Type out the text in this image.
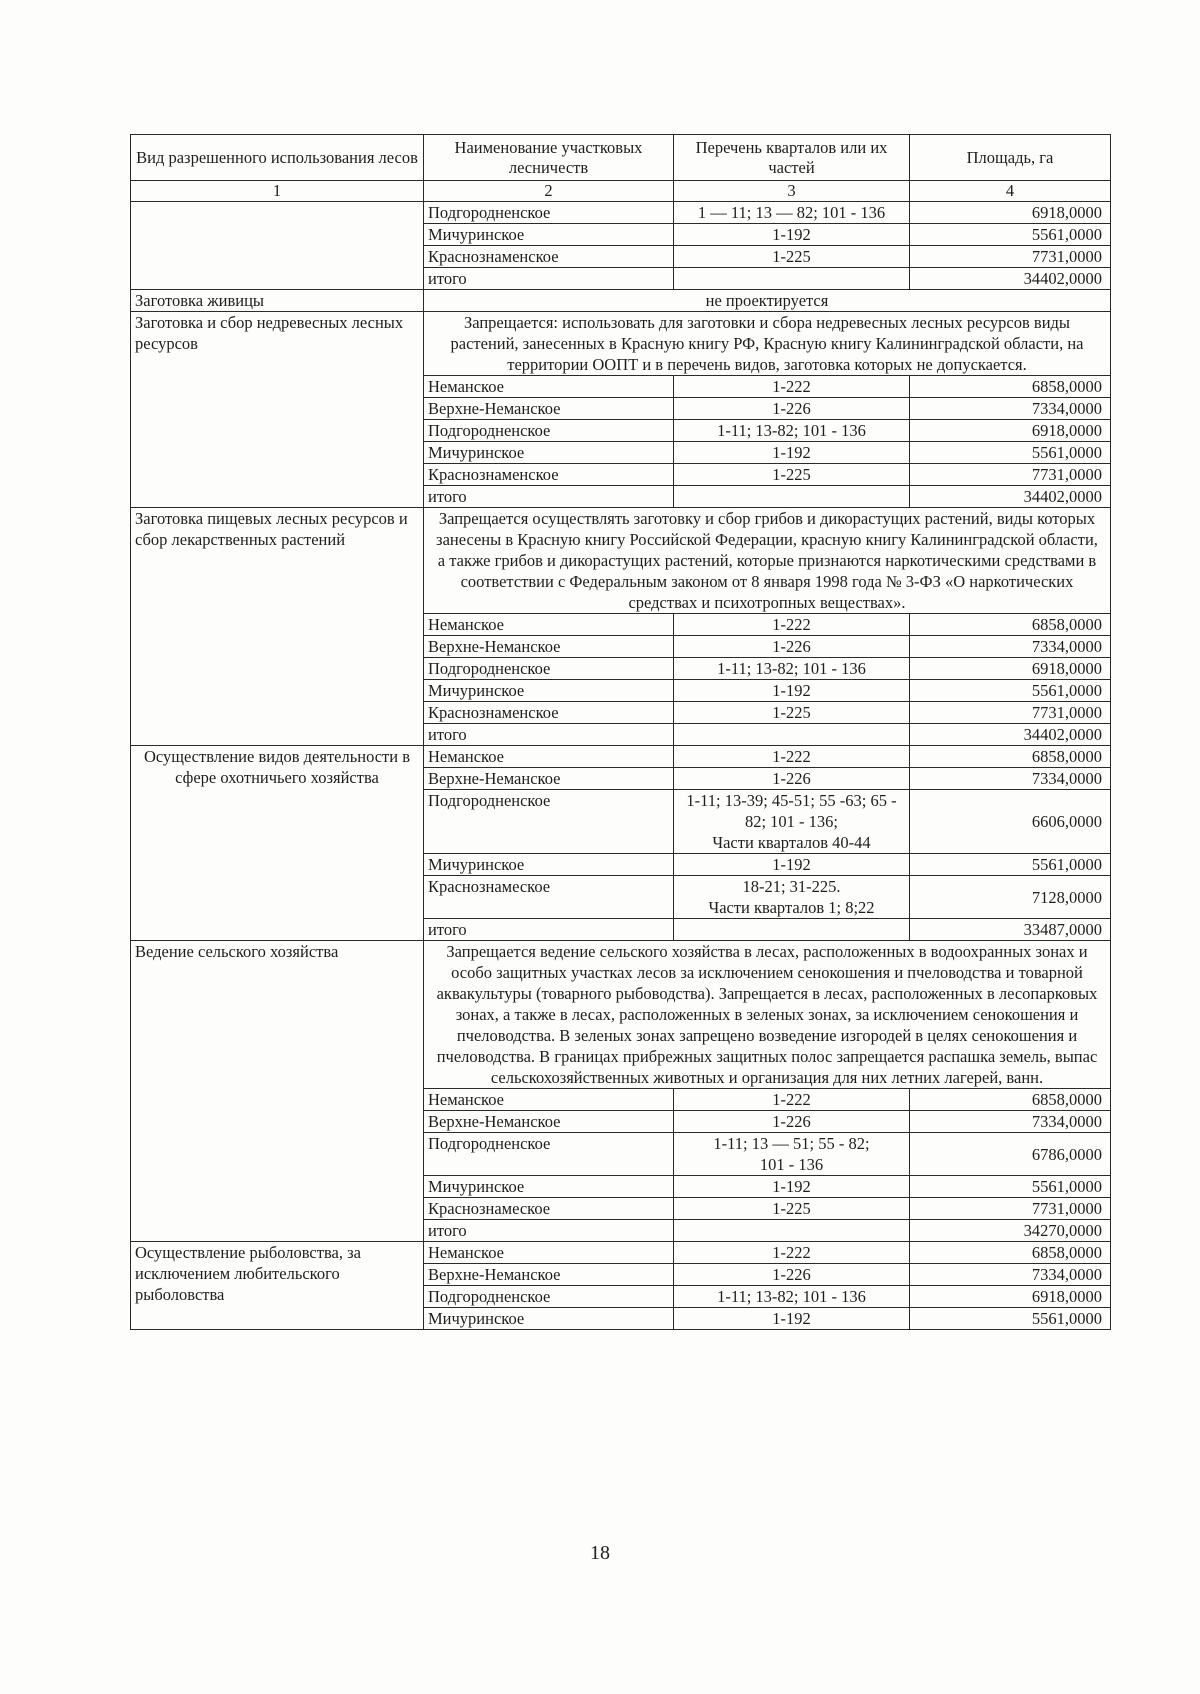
Вид разрешенного использования лесов	Наименование участковых лесничеств	Перечень кварталов или их частей	Площадь, га
1	2	3	4
	Подгородненское	1 — 11; 13 — 82; 101 - 136	6918,0000
	Мичуринское	1-192	5561,0000
	Краснознаменское	1-225	7731,0000
	итого		34402,0000
Заготовка живицы	не проектируется		
Заготовка и сбор недревесных лесных ресурсов	Запрещается: использовать для заготовки и сбора недревесных лесных ресурсов виды растений, занесенных в Красную книгу РФ, Красную книгу Калининградской области, на территории ООПТ и в перечень видов, заготовка которых не допускается.		
	Неманское	1-222	6858,0000
	Верхне-Неманское	1-226	7334,0000
	Подгородненское	1-11; 13-82; 101 - 136	6918,0000
	Мичуринское	1-192	5561,0000
	Краснознаменское	1-225	7731,0000
	итого		34402,0000
Заготовка пищевых лесных ресурсов и сбор лекарственных растений	Запрещается осуществлять заготовку и сбор грибов и дикорастущих растений, виды которых занесены в Красную книгу Российской Федерации, красную книгу Калининградской области, а также грибов и дикорастущих растений, которые признаются наркотическими средствами в соответствии с Федеральным законом от 8 января 1998 года № 3-ФЗ «О наркотических средствах и психотропных веществах».		
	Неманское	1-222	6858,0000
	Верхне-Неманское	1-226	7334,0000
	Подгородненское	1-11; 13-82; 101 - 136	6918,0000
	Мичуринское	1-192	5561,0000
	Краснознаменское	1-225	7731,0000
	итого		34402,0000
Осуществление видов деятельности в сфере охотничьего хозяйства	Неманское	1-222	6858,0000
	Верхне-Неманское	1-226	7334,0000
	Подгородненское	1-11; 13-39; 45-51; 55 -63; 65 - 82; 101 - 136;
Части кварталов 40-44	6606,0000
	Мичуринское	1-192	5561,0000
	Краснознамеское	18-21; 31-225.
Части кварталов 1; 8;22	7128,0000
	итого		33487,0000
Ведение сельского хозяйства	Запрещается ведение сельского хозяйства в лесах, расположенных в водоохранных зонах и особо защитных участках лесов за исключением сенокошения и пчеловодства и товарной аквакультуры (товарного рыбоводства). Запрещается в лесах, расположенных в лесопарковых зонах, а также в лесах, расположенных в зеленых зонах, за исключением сенокошения и пчеловодства. В зеленых зонах запрещено возведение изгородей в целях сенокошения и пчеловодства. В границах прибрежных защитных полос запрещается распашка земель, выпас сельскохозяйственных животных и организация для них летних лагерей, ванн.		
	Неманское	1-222	6858,0000
	Верхне-Неманское	1-226	7334,0000
	Подгородненское	1-11; 13 — 51; 55 - 82;
101 - 136	6786,0000
	Мичуринское	1-192	5561,0000
	Краснознамеское	1-225	7731,0000
	итого		34270,0000
Осуществление рыболовства, за исключением любительского рыболовства	Неманское	1-222	6858,0000
	Верхне-Неманское	1-226	7334,0000
	Подгородненское	1-11; 13-82; 101 - 136	6918,0000
	Мичуринское	1-192	5561,0000
18
